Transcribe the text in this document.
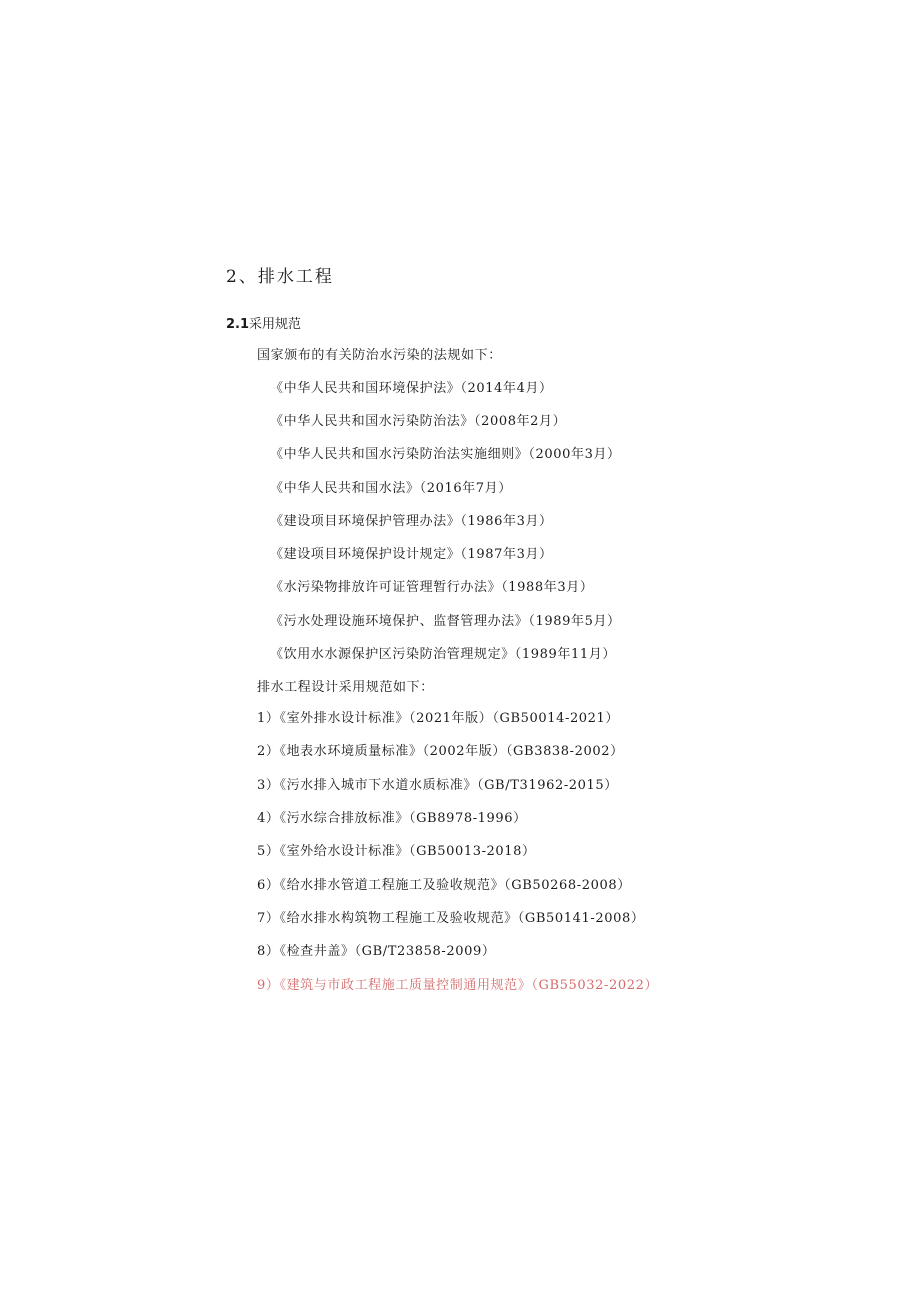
2、排水工程
2.1采用规范
国家颁布的有关防治水污染的法规如下：
《中华人民共和国环境保护法》（2014年4月）
《中华人民共和国水污染防治法》（2008年2月）
《中华人民共和国水污染防治法实施细则》（2000年3月）
《中华人民共和国水法》（2016年7月）
《建设项目环境保护管理办法》（1986年3月）
《建设项目环境保护设计规定》（1987年3月）
《水污染物排放许可证管理暂行办法》（1988年3月）
《污水处理设施环境保护、监督管理办法》（1989年5月）
《饮用水水源保护区污染防治管理规定》（1989年11月）
排水工程设计采用规范如下：
1）《室外排水设计标准》（2021年版）（GB50014-2021）
2）《地表水环境质量标准》（2002年版）（GB3838-2002）
3）《污水排入城市下水道水质标准》（GB/T31962-2015）
4）《污水综合排放标准》（GB8978-1996）
5）《室外给水设计标准》（GB50013-2018）
6）《给水排水管道工程施工及验收规范》（GB50268-2008）
7）《给水排水构筑物工程施工及验收规范》（GB50141-2008）
8）《检查井盖》（GB/T23858-2009）
9）《建筑与市政工程施工质量控制通用规范》（GB55032-2022）
